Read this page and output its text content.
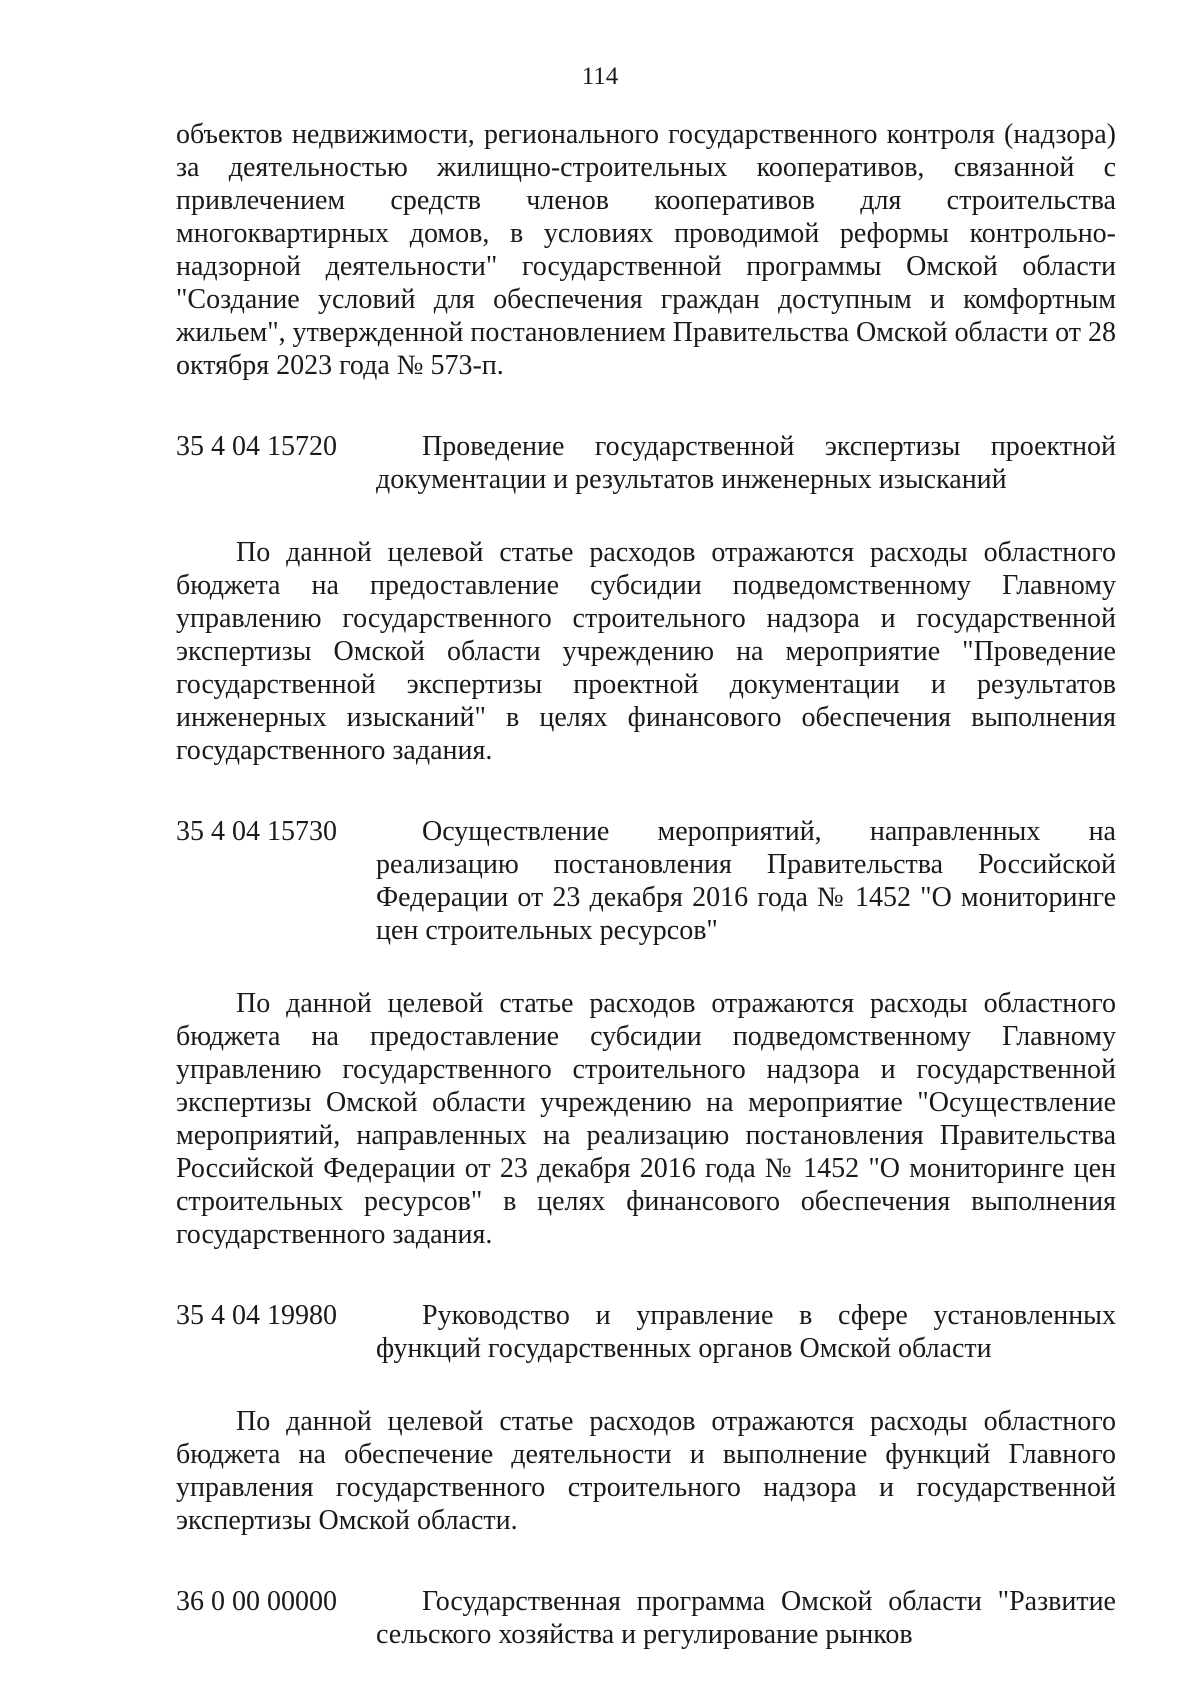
114

объектов недвижимости, регионального государственного контроля (надзора) за деятельностью жилищно-строительных кооперативов, связанной с привлечением средств членов кооперативов для строительства многоквартирных домов, в условиях проводимой реформы контрольно-надзорной деятельности" государственной программы Омской области "Создание условий для обеспечения граждан доступным и комфортным жильем", утвержденной постановлением Правительства Омской области от 28 октября 2023 года № 573-п.

35 4 04 15720	Проведение государственной экспертизы проектной документации и результатов инженерных изысканий

По данной целевой статье расходов отражаются расходы областного бюджета на предоставление субсидии подведомственному Главному управлению государственного строительного надзора и государственной экспертизы Омской области учреждению на мероприятие "Проведение государственной экспертизы проектной документации и результатов инженерных изысканий" в целях финансового обеспечения выполнения государственного задания.

35 4 04 15730	Осуществление мероприятий, направленных на реализацию постановления Правительства Российской Федерации от 23 декабря 2016 года № 1452 "О мониторинге цен строительных ресурсов"

По данной целевой статье расходов отражаются расходы областного бюджета на предоставление субсидии подведомственному Главному управлению государственного строительного надзора и государственной экспертизы Омской области учреждению на мероприятие "Осуществление мероприятий, направленных на реализацию постановления Правительства Российской Федерации от 23 декабря 2016 года № 1452 "О мониторинге цен строительных ресурсов" в целях финансового обеспечения выполнения государственного задания.

35 4 04 19980	Руководство и управление в сфере установленных функций государственных органов Омской области

По данной целевой статье расходов отражаются расходы областного бюджета на обеспечение деятельности и выполнение функций Главного управления государственного строительного надзора и государственной экспертизы Омской области.

36 0 00 00000	Государственная программа Омской области "Развитие сельского хозяйства и регулирование рынков
